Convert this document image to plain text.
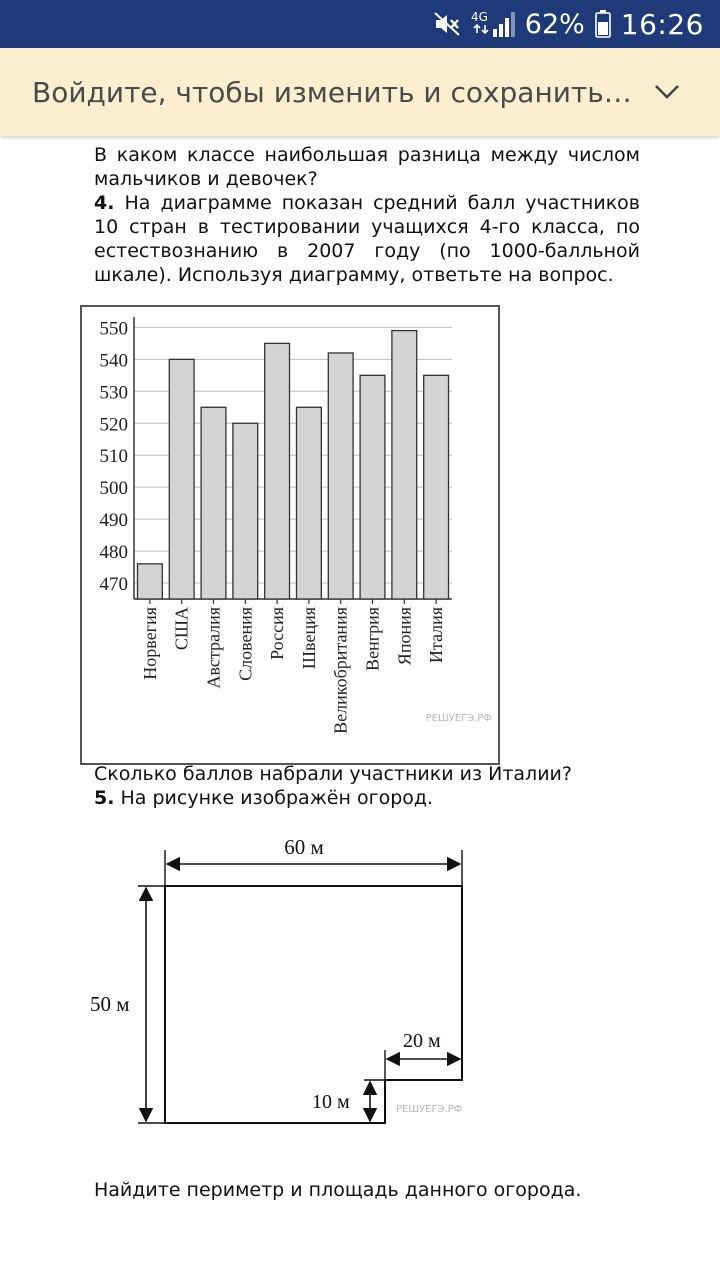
4G 62% 16:26
Войдите, чтобы изменить и сохранить…
В каком классе наибольшая разница между числом мальчиков и девочек?
4. На диаграмме показан средний балл участников 10 стран в тестировании учащихся 4-го класса, по естествознанию в 2007 году (по 1000-балльной шкале). Используя диаграмму, ответьте на вопрос.
470
480
490
500
510
520
530
540
550
Норвегия США Австралия Словения Россия Швеция Великобритания Венгрия Япония Италия
РЕШУЕГЭ.РФ
Сколько баллов набрали участники из Италии?
5. На рисунке изображён огород.
60 м
50 м
20 м
10 м	РЕШУЕГЭ.РФ
Найдите периметр и площадь данного огорода.
